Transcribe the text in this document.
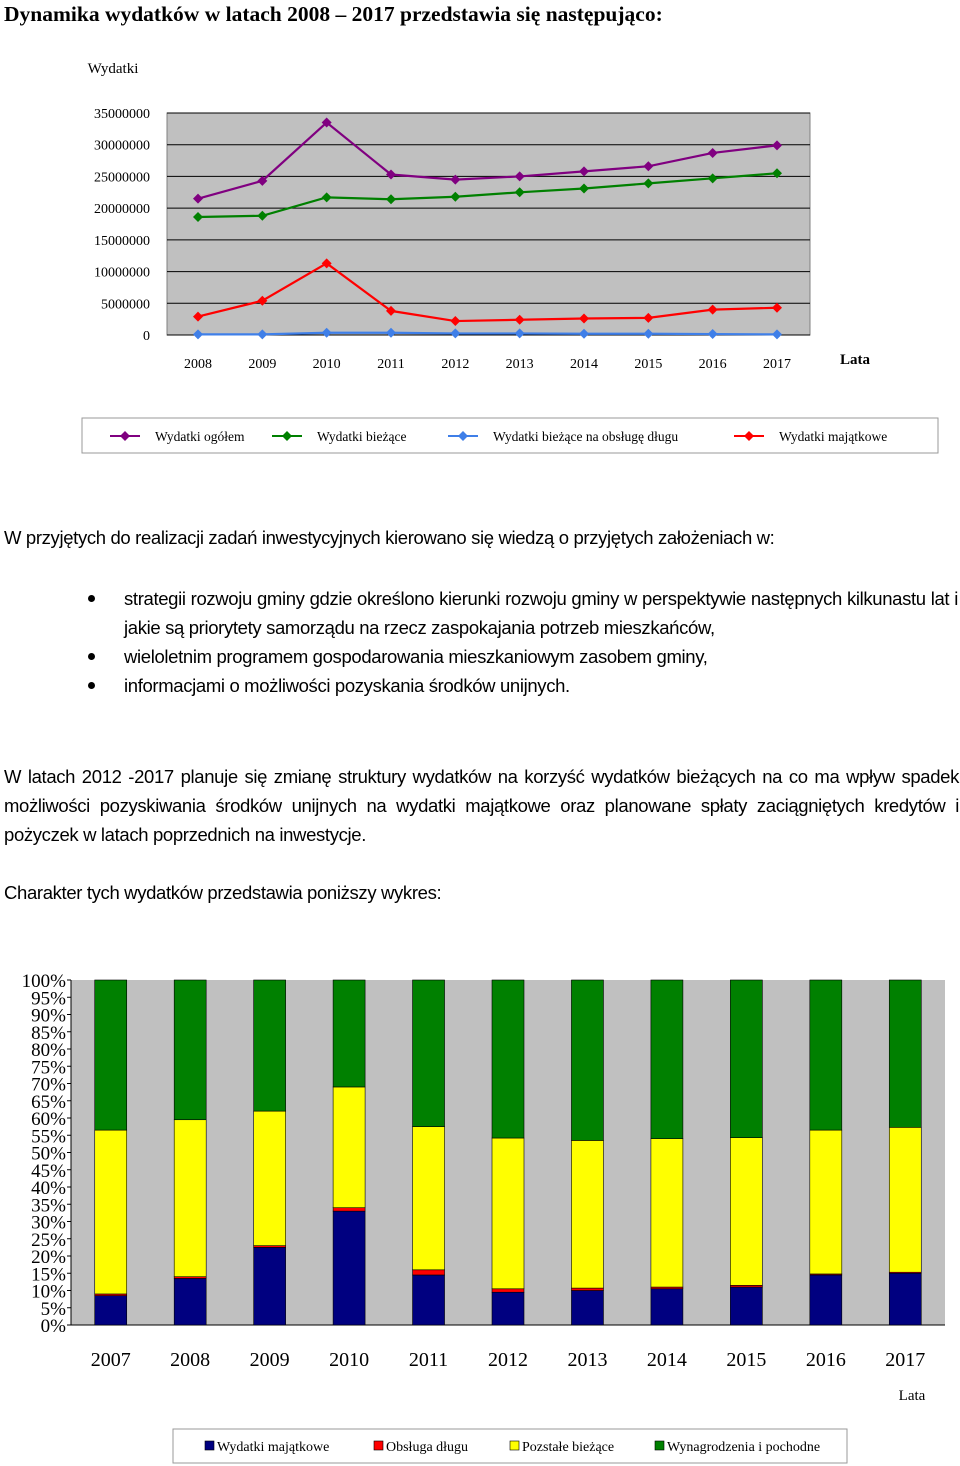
Dynamika wydatków w latach 2008 – 2017 przedstawia się następująco:
Wydatki
35000000
30000000
25000000
20000000
15000000
10000000
5000000
0
2008	2009	2010	2011	2012	2013	2014	2015	2016	2017	Lata
Wydatki ogółem	Wydatki bieżące	Wydatki bieżące na obsługę długu	Wydatki majątkowe
W przyjętych do realizacji zadań inwestycyjnych kierowano się wiedzą o przyjętych założeniach w:
strategii rozwoju gminy gdzie określono kierunki rozwoju gminy w perspektywie następnych kilkunastu lat i jakie są priorytety samorządu na rzecz zaspokajania potrzeb mieszkańców,
wieloletnim programem gospodarowania mieszkaniowym zasobem gminy,
informacjami o możliwości pozyskania środków unijnych.
W latach 2012 -2017 planuje się zmianę struktury wydatków na korzyść wydatków bieżących na co ma wpływ spadek możliwości pozyskiwania środków unijnych na wydatki majątkowe oraz planowane spłaty zaciągniętych kredytów i pożyczek w latach poprzednich na inwestycje.
Charakter tych wydatków przedstawia poniższy wykres:
100%
95%
90%
85%
80%
75%
70%
65%
60%
55%
50%
45%
40%
35%
30%
25%
20%
15%
10%
5%
0%
2007 2008 2009 2010 2011 2012 2013 2014 2015 2016 2017
Lata
Wydatki majątkowe	Obsługa długu	Pozstałe bieżące	Wynagrodzenia i pochodne
